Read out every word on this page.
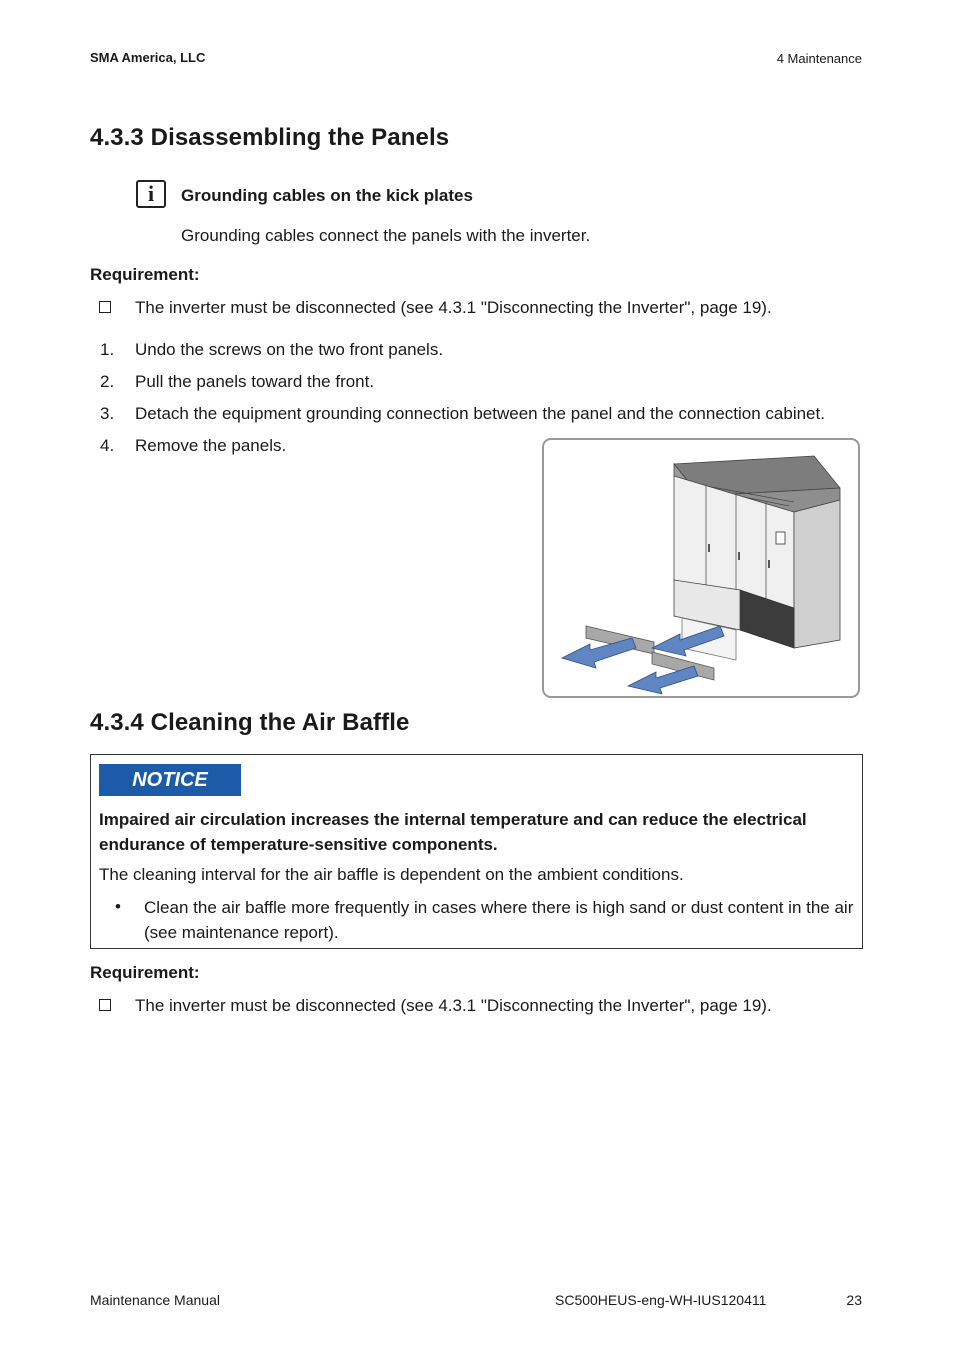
SMA America, LLC	4 Maintenance
4.3.3 Disassembling the Panels
i	Grounding cables on the kick plates
Grounding cables connect the panels with the inverter.
Requirement:
The inverter must be disconnected (see 4.3.1 "Disconnecting the Inverter", page 19).
1. Undo the screws on the two front panels.
2. Pull the panels toward the front.
3. Detach the equipment grounding connection between the panel and the connection cabinet.
4. Remove the panels.
4.3.4 Cleaning the Air Baffle
NOTICE
Impaired air circulation increases the internal temperature and can reduce the electrical endurance of temperature-sensitive components.
The cleaning interval for the air baffle is dependent on the ambient conditions.
• Clean the air baffle more frequently in cases where there is high sand or dust content in the air (see maintenance report).
Requirement:
The inverter must be disconnected (see 4.3.1 "Disconnecting the Inverter", page 19).
Maintenance Manual	SC500HEUS-eng-WH-IUS120411	23
